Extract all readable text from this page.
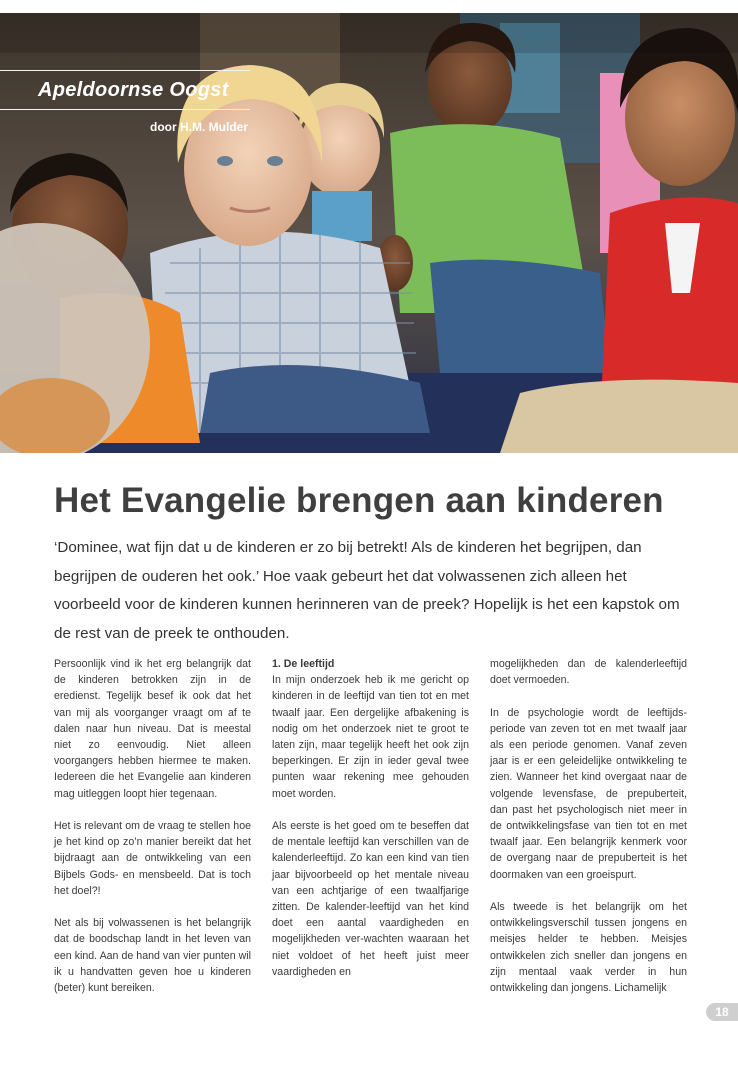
Apeldoornse Oogst
door H.M. Mulder
Het Evangelie brengen aan kinderen
‘Dominee, wat fijn dat u de kinderen er zo bij betrekt! Als de kinderen het begrijpen, dan begrijpen de ouderen het ook.’ Hoe vaak gebeurt het dat volwassenen zich alleen het voorbeeld voor de kinderen kunnen herinneren van de preek? Hopelijk is het een kapstok om de rest van de preek te onthouden.

Persoonlijk vind ik het erg belangrijk dat de kinderen betrokken zijn in de eredienst. Tegelijk besef ik ook dat het van mij als voorganger vraagt om af te dalen naar hun niveau. Dat is meestal niet zo eenvoudig. Niet alleen voorgangers hebben hiermee te maken. Iedereen die het Evangelie aan kinderen mag uitleggen loopt hier tegenaan.

Het is relevant om de vraag te stellen hoe je het kind op zo’n manier bereikt dat het bijdraagt aan de ontwikkeling van een Bijbels Gods- en mensbeeld. Dat is toch het doel?!

Net als bij volwassenen is het belangrijk dat de boodschap landt in het leven van een kind. Aan de hand van vier punten wil ik u handvatten geven hoe u kinderen (beter) kunt bereiken.

1. De leeftijd

In mijn onderzoek heb ik me gericht op kinderen in de leeftijd van tien tot en met twaalf jaar. Een dergelijke afbakening is nodig om het onderzoek niet te groot te laten zijn, maar tegelijk heeft het ook zijn beperkingen. Er zijn in ieder geval twee punten waar rekening mee gehouden moet worden.

Als eerste is het goed om te beseffen dat de mentale leeftijd kan verschillen van de kalenderleeftijd. Zo kan een kind van tien jaar bijvoorbeeld op het mentale niveau van een achtjarige of een twaalfjarige zitten. De kalender-leeftijd van het kind doet een aantal vaardigheden en mogelijkheden ver-wachten waaraan het niet voldoet of het heeft juist meer vaardigheden en

mogelijkheden dan de kalenderleeftijd doet vermoeden.

In de psychologie wordt de leeftijds-periode van zeven tot en met twaalf jaar als een periode genomen. Vanaf zeven jaar is er een geleidelijke ontwikkeling te zien. Wanneer het kind overgaat naar de volgende levensfase, de prepuberteit, dan past het psychologisch niet meer in de ontwikkelingsfase van tien tot en met twaalf jaar. Een belangrijk kenmerk voor de overgang naar de prepuberteit is het doormaken van een groeispurt.

Als tweede is het belangrijk om het ontwikkelingsverschil tussen jongens en meisjes helder te hebben. Meisjes ontwikkelen zich sneller dan jongens en zijn mentaal vaak verder in hun ontwikkeling dan jongens. Lichamelijk

18
